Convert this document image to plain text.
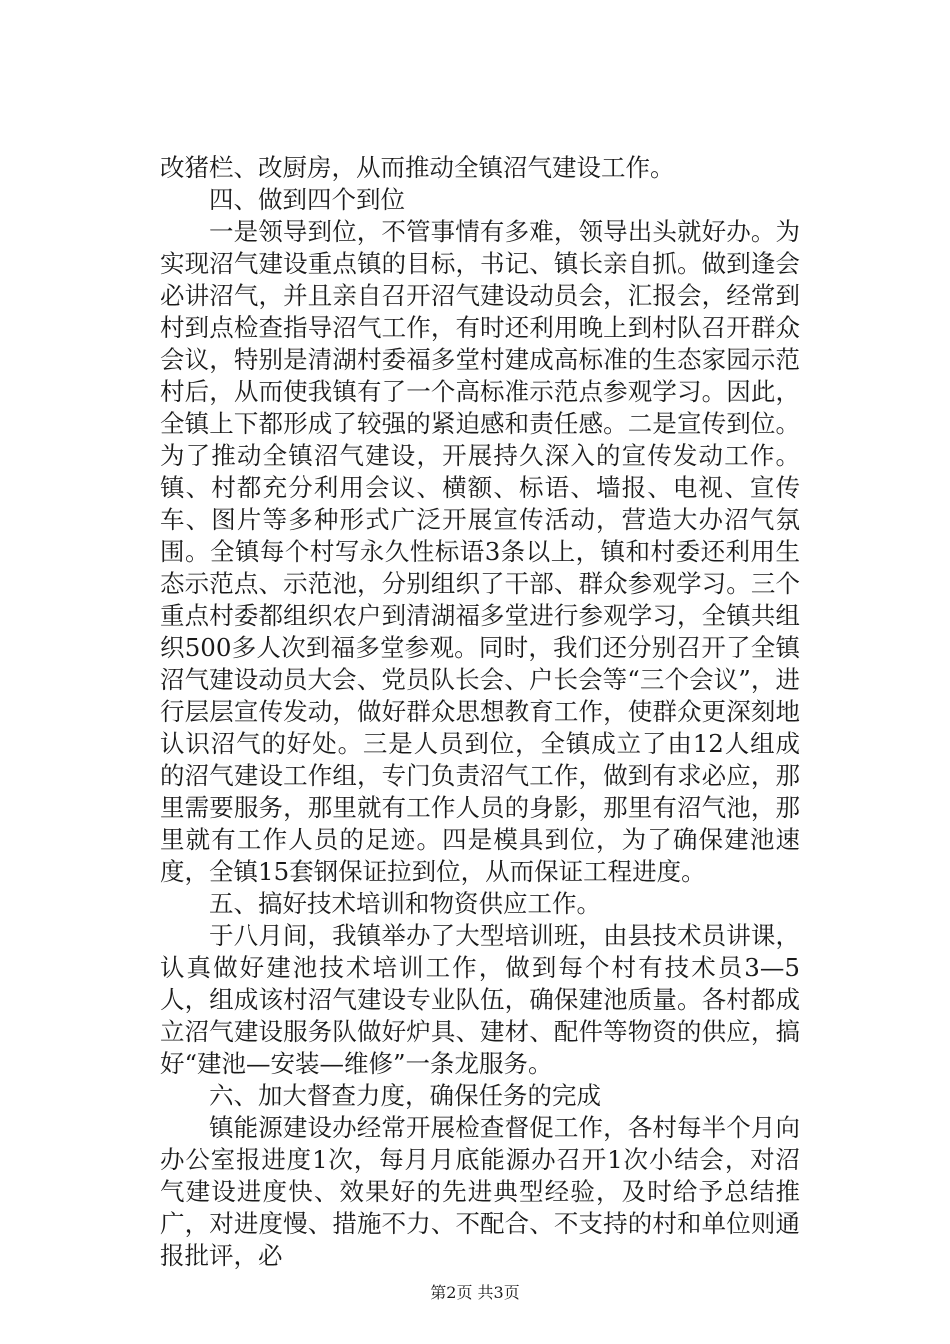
改猪栏、改厨房，从而推动全镇沼气建设工作。

四、做到四个到位

一是领导到位，不管事情有多难，领导出头就好办。为实现沼气建设重点镇的目标，书记、镇长亲自抓。做到逢会必讲沼气，并且亲自召开沼气建设动员会，汇报会，经常到村到点检查指导沼气工作，有时还利用晚上到村队召开群众会议，特别是清湖村委福多堂村建成高标准的生态家园示范村后，从而使我镇有了一个高标准示范点参观学习。因此，全镇上下都形成了较强的紧迫感和责任感。二是宣传到位。为了推动全镇沼气建设，开展持久深入的宣传发动工作。镇、村都充分利用会议、横额、标语、墙报、电视、宣传车、图片等多种形式广泛开展宣传活动，营造大办沼气氛围。全镇每个村写永久性标语3条以上，镇和村委还利用生态示范点、示范池，分别组织了干部、群众参观学习。三个重点村委都组织农户到清湖福多堂进行参观学习，全镇共组织500多人次到福多堂参观。同时，我们还分别召开了全镇沼气建设动员大会、党员队长会、户长会等“三个会议”，进行层层宣传发动，做好群众思想教育工作，使群众更深刻地认识沼气的好处。三是人员到位，全镇成立了由12人组成的沼气建设工作组，专门负责沼气工作，做到有求必应，那里需要服务，那里就有工作人员的身影，那里有沼气池，那里就有工作人员的足迹。四是模具到位，为了确保建池速度，全镇15套钢保证拉到位，从而保证工程进度。

五、搞好技术培训和物资供应工作。

于八月间，我镇举办了大型培训班，由县技术员讲课，认真做好建池技术培训工作，做到每个村有技术员3—5人，组成该村沼气建设专业队伍，确保建池质量。各村都成立沼气建设服务队做好炉具、建材、配件等物资的供应，搞好“建池—安装—维修”一条龙服务。

六、加大督查力度，确保任务的完成

镇能源建设办经常开展检查督促工作，各村每半个月向办公室报进度1次，每月月底能源办召开1次小结会，对沼气建设进度快、效果好的先进典型经验，及时给予总结推广，对进度慢、措施不力、不配合、不支持的村和单位则通报批评，必

第2页 共3页
